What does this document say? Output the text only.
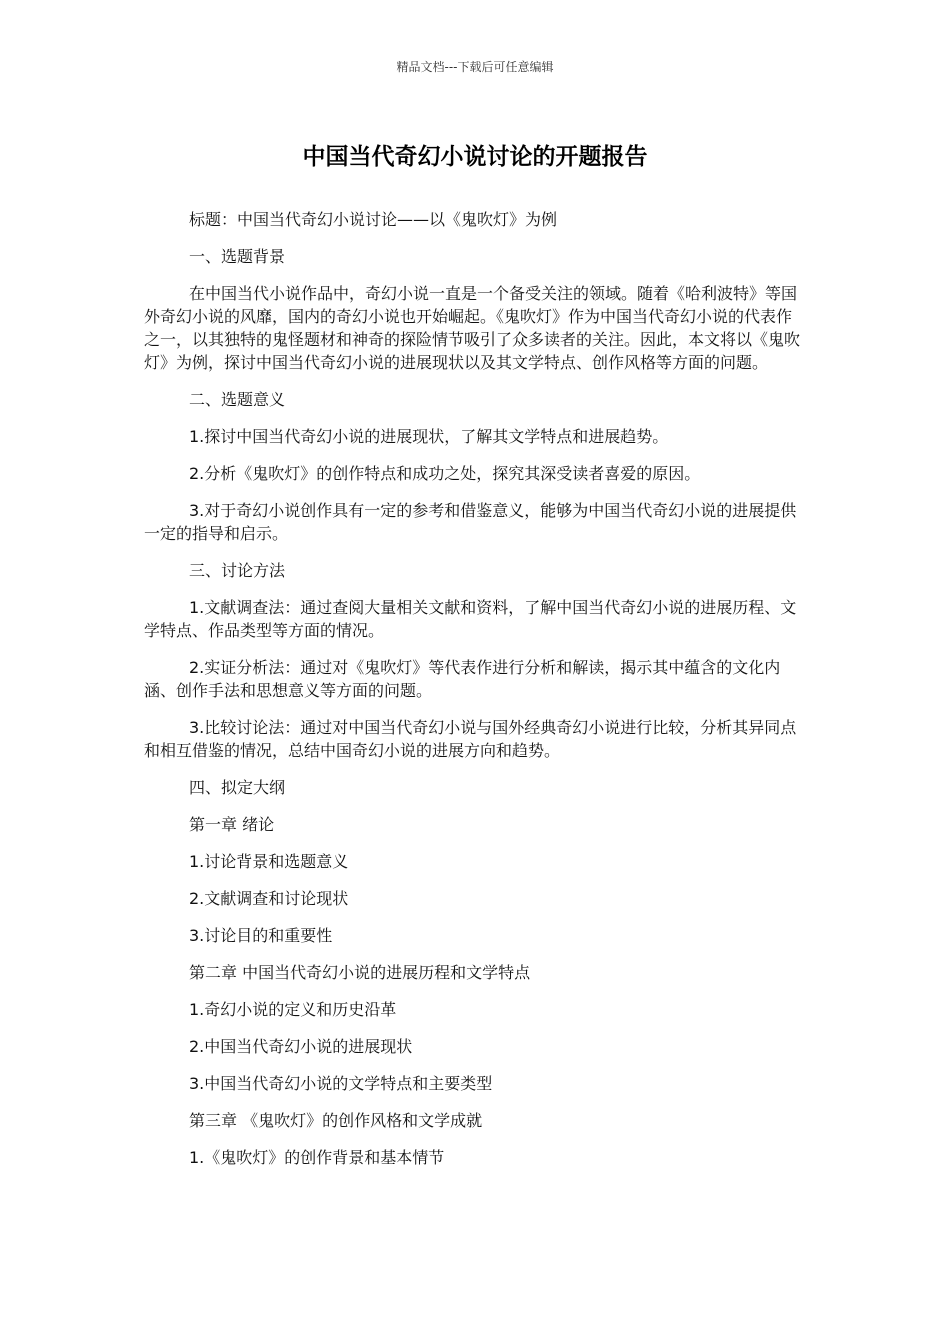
精品文档---下载后可任意编辑
中国当代奇幻小说讨论的开题报告

标题：中国当代奇幻小说讨论——以《鬼吹灯》为例

一、选题背景

在中国当代小说作品中，奇幻小说一直是一个备受关注的领域。随着《哈利波特》等国外奇幻小说的风靡，国内的奇幻小说也开始崛起。《鬼吹灯》作为中国当代奇幻小说的代表作之一，以其独特的鬼怪题材和神奇的探险情节吸引了众多读者的关注。因此，本文将以《鬼吹灯》为例，探讨中国当代奇幻小说的进展现状以及其文学特点、创作风格等方面的问题。

二、选题意义

1.探讨中国当代奇幻小说的进展现状，了解其文学特点和进展趋势。

2.分析《鬼吹灯》的创作特点和成功之处，探究其深受读者喜爱的原因。

3.对于奇幻小说创作具有一定的参考和借鉴意义，能够为中国当代奇幻小说的进展提供一定的指导和启示。

三、讨论方法

1.文献调查法：通过查阅大量相关文献和资料，了解中国当代奇幻小说的进展历程、文学特点、作品类型等方面的情况。

2.实证分析法：通过对《鬼吹灯》等代表作进行分析和解读，揭示其中蕴含的文化内涵、创作手法和思想意义等方面的问题。

3.比较讨论法：通过对中国当代奇幻小说与国外经典奇幻小说进行比较，分析其异同点和相互借鉴的情况，总结中国奇幻小说的进展方向和趋势。

四、拟定大纲

第一章 绪论

1.讨论背景和选题意义

2.文献调查和讨论现状

3.讨论目的和重要性

第二章 中国当代奇幻小说的进展历程和文学特点

1.奇幻小说的定义和历史沿革

2.中国当代奇幻小说的进展现状

3.中国当代奇幻小说的文学特点和主要类型

第三章 《鬼吹灯》的创作风格和文学成就

1.《鬼吹灯》的创作背景和基本情节
